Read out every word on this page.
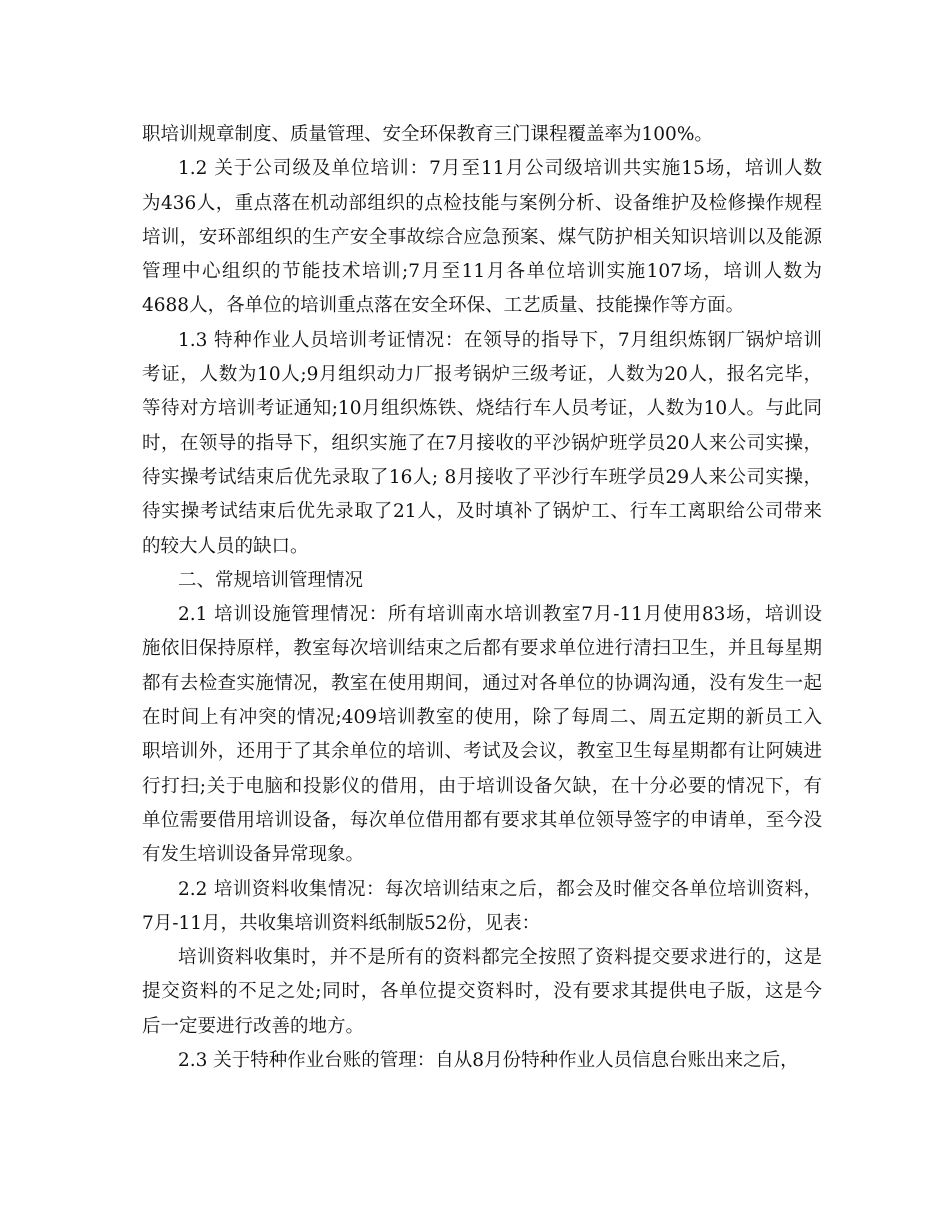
职培训规章制度、质量管理、安全环保教育三门课程覆盖率为100%。
1.2 关于公司级及单位培训：7月至11月公司级培训共实施15场，培训人数
为436人，重点落在机动部组织的点检技能与案例分析、设备维护及检修操作规程
培训，安环部组织的生产安全事故综合应急预案、煤气防护相关知识培训以及能源
管理中心组织的节能技术培训;7月至11月各单位培训实施107场，培训人数为
4688人，各单位的培训重点落在安全环保、工艺质量、技能操作等方面。
1.3 特种作业人员培训考证情况：在领导的指导下，7月组织炼钢厂锅炉培训
考证，人数为10人;9月组织动力厂报考锅炉三级考证，人数为20人，报名完毕，
等待对方培训考证通知;10月组织炼铁、烧结行车人员考证，人数为10人。与此同
时，在领导的指导下，组织实施了在7月接收的平沙锅炉班学员20人来公司实操，
待实操考试结束后优先录取了16人; 8月接收了平沙行车班学员29人来公司实操，
待实操考试结束后优先录取了21人，及时填补了锅炉工、行车工离职给公司带来
的较大人员的缺口。
二、常规培训管理情况
2.1 培训设施管理情况：所有培训南水培训教室7月-11月使用83场，培训设
施依旧保持原样，教室每次培训结束之后都有要求单位进行清扫卫生，并且每星期
都有去检查实施情况，教室在使用期间，通过对各单位的协调沟通，没有发生一起
在时间上有冲突的情况;409培训教室的使用，除了每周二、周五定期的新员工入
职培训外，还用于了其余单位的培训、考试及会议，教室卫生每星期都有让阿姨进
行打扫;关于电脑和投影仪的借用，由于培训设备欠缺，在十分必要的情况下，有
单位需要借用培训设备，每次单位借用都有要求其单位领导签字的申请单，至今没
有发生培训设备异常现象。
2.2 培训资料收集情况：每次培训结束之后，都会及时催交各单位培训资料，
7月-11月，共收集培训资料纸制版52份，见表：
培训资料收集时，并不是所有的资料都完全按照了资料提交要求进行的，这是
提交资料的不足之处;同时，各单位提交资料时，没有要求其提供电子版，这是今
后一定要进行改善的地方。
2.3 关于特种作业台账的管理：自从8月份特种作业人员信息台账出来之后，
